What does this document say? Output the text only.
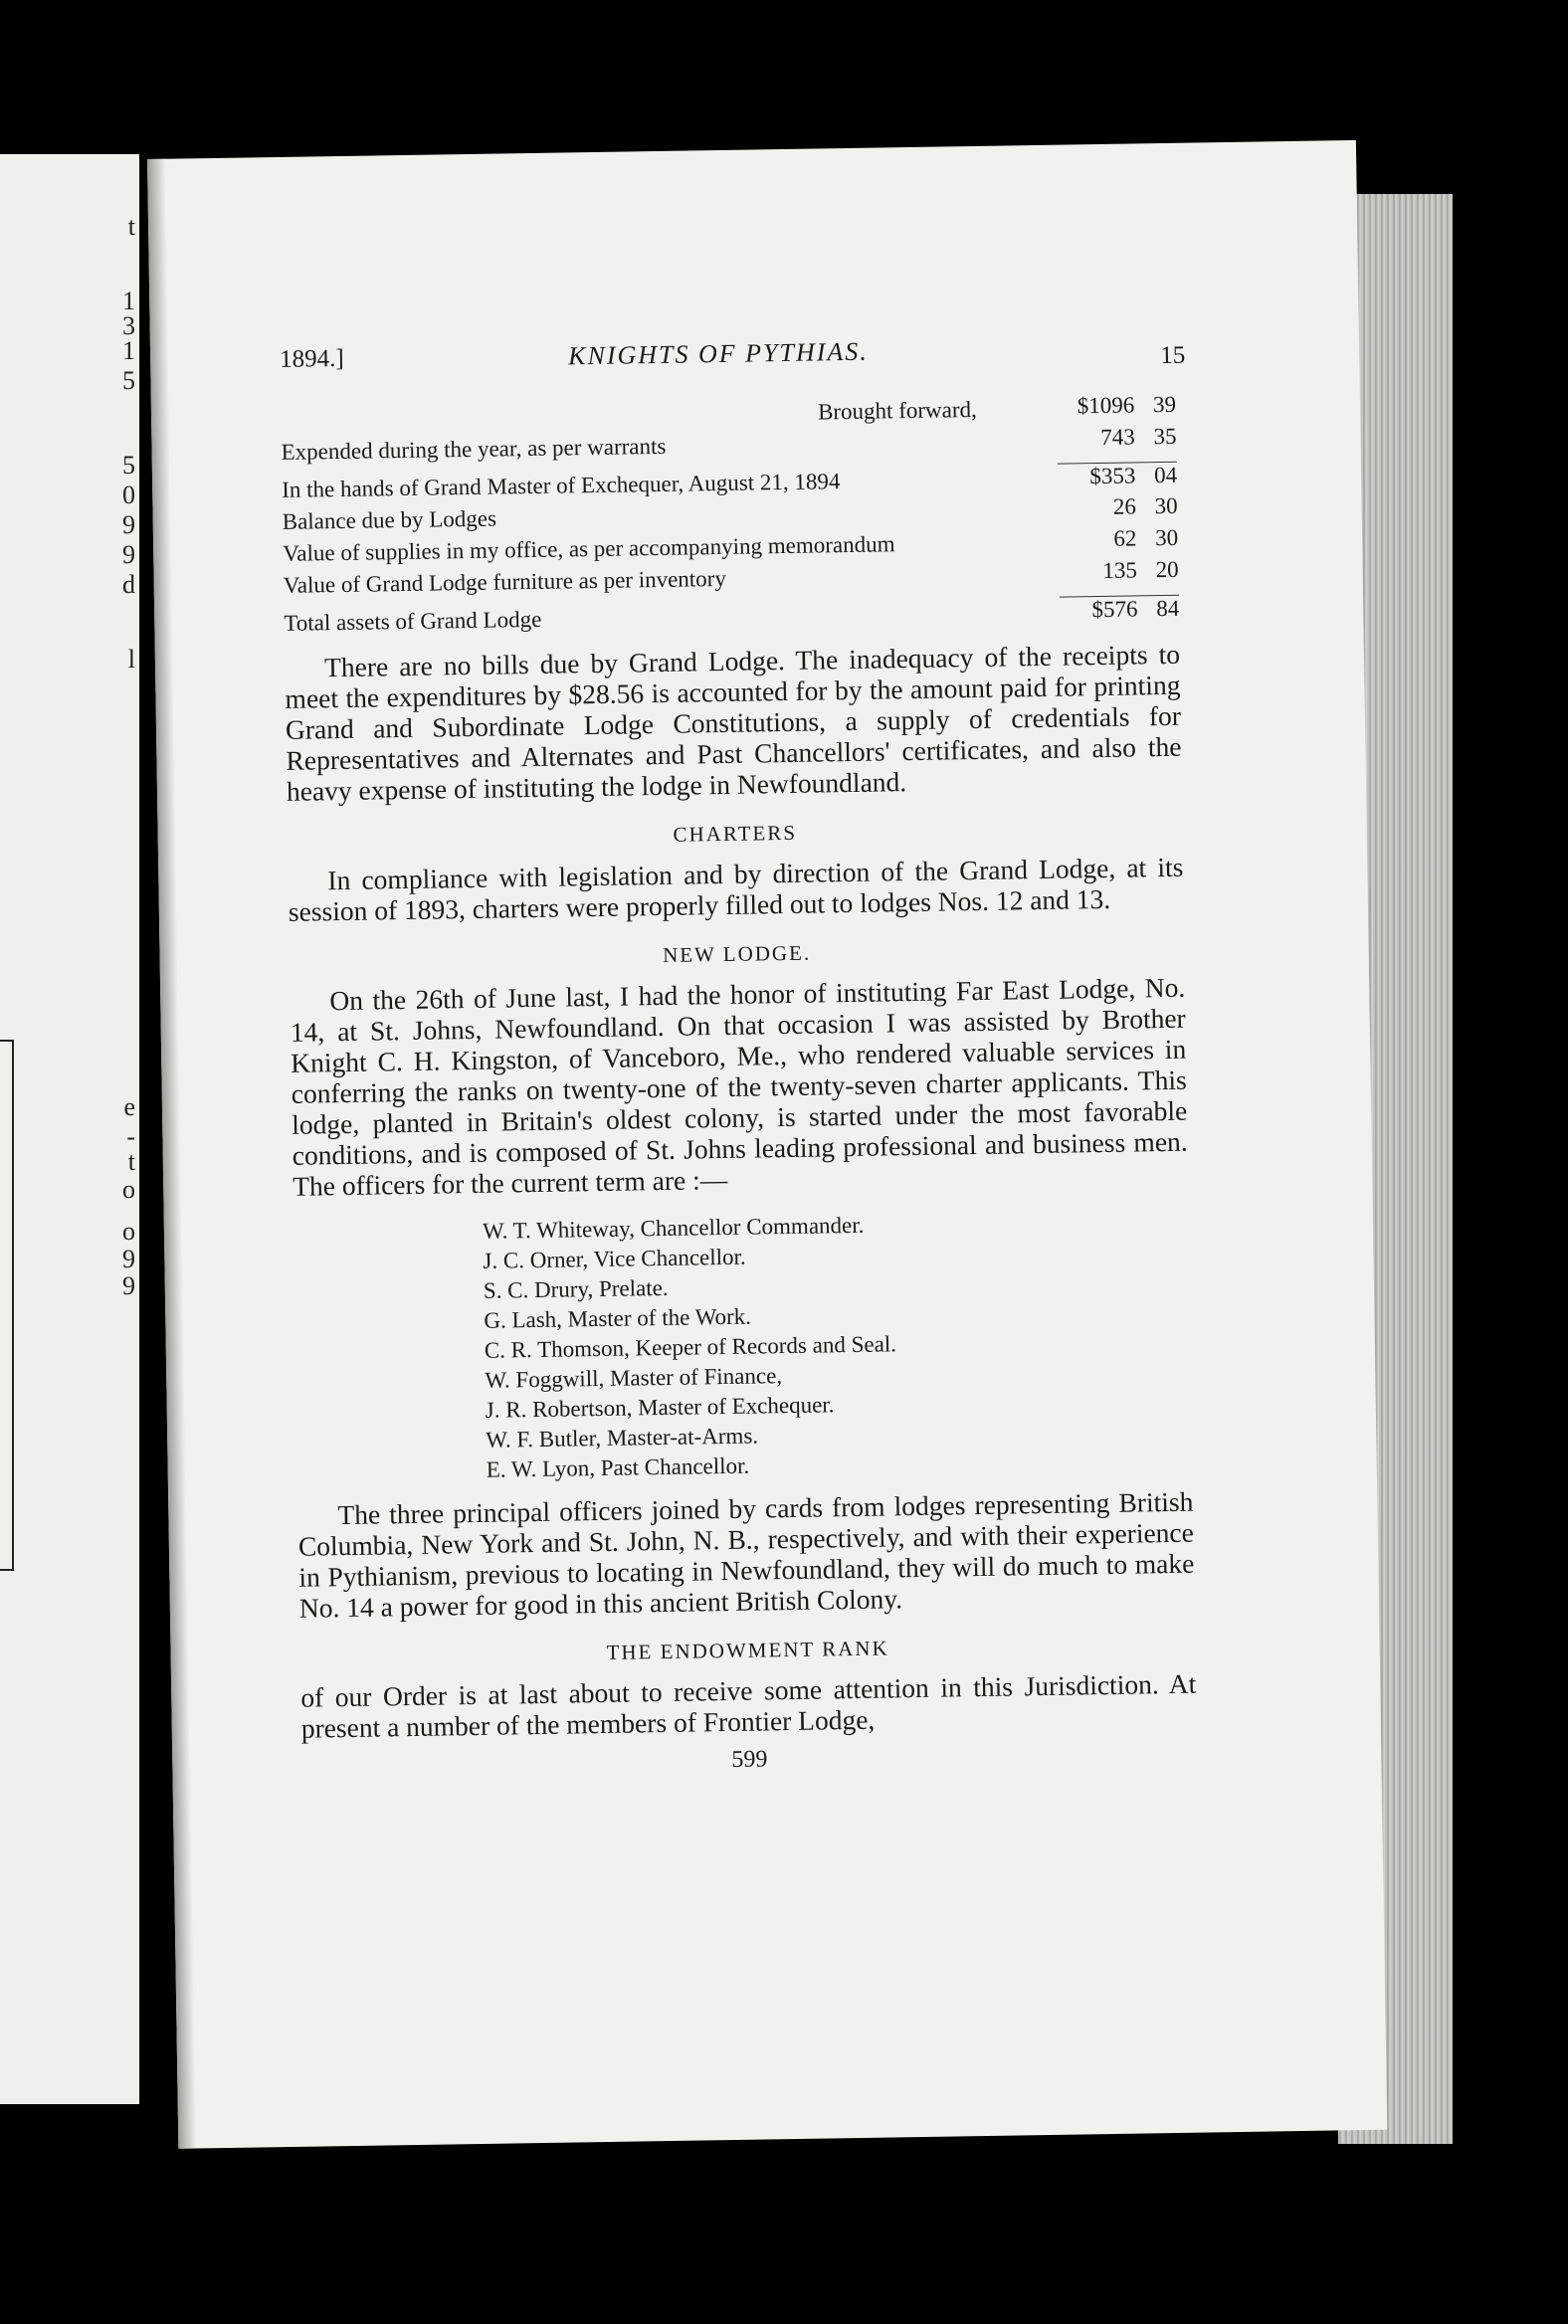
t
1
3
1
5
5
0
9
9
d
l
e
-
t
o
o
9
9
1894.]	KNIGHTS OF PYTHIAS.	15
Brought forward,	$1096 39
Expended during the year, as per warrants	743 35
In the hands of Grand Master of Exchequer, August 21, 1894	$353 04
Balance due by Lodges	26 30
Value of supplies in my office, as per accompanying memorandum	62 30
Value of Grand Lodge furniture as per inventory	135 20
Total assets of Grand Lodge	$576 84

There are no bills due by Grand Lodge. The inadequacy of the receipts to meet the expenditures by $28.56 is accounted for by the amount paid for printing Grand and Subordinate Lodge Constitutions, a supply of credentials for Representatives and Alternates and Past Chancellors' certificates, and also the heavy expense of instituting the lodge in Newfoundland.

CHARTERS

In compliance with legislation and by direction of the Grand Lodge, at its session of 1893, charters were properly filled out to lodges Nos. 12 and 13.

NEW LODGE.

On the 26th of June last, I had the honor of instituting Far East Lodge, No. 14, at St. Johns, Newfoundland. On that occasion I was assisted by Brother Knight C. H. Kingston, of Vanceboro, Me., who rendered valuable services in conferring the ranks on twenty-one of the twenty-seven charter applicants. This lodge, planted in Britain's oldest colony, is started under the most favorable conditions, and is composed of St. Johns leading professional and business men. The officers for the current term are :—

W. T. Whiteway, Chancellor Commander.
J. C. Orner, Vice Chancellor.
S. C. Drury, Prelate.
G. Lash, Master of the Work.
C. R. Thomson, Keeper of Records and Seal.
W. Foggwill, Master of Finance,
J. R. Robertson, Master of Exchequer.
W. F. Butler, Master-at-Arms.
E. W. Lyon, Past Chancellor.

The three principal officers joined by cards from lodges representing British Columbia, New York and St. John, N. B., respectively, and with their experience in Pythianism, previous to locating in Newfoundland, they will do much to make No. 14 a power for good in this ancient British Colony.

THE ENDOWMENT RANK

of our Order is at last about to receive some attention in this Jurisdiction. At present a number of the members of Frontier Lodge,

599
